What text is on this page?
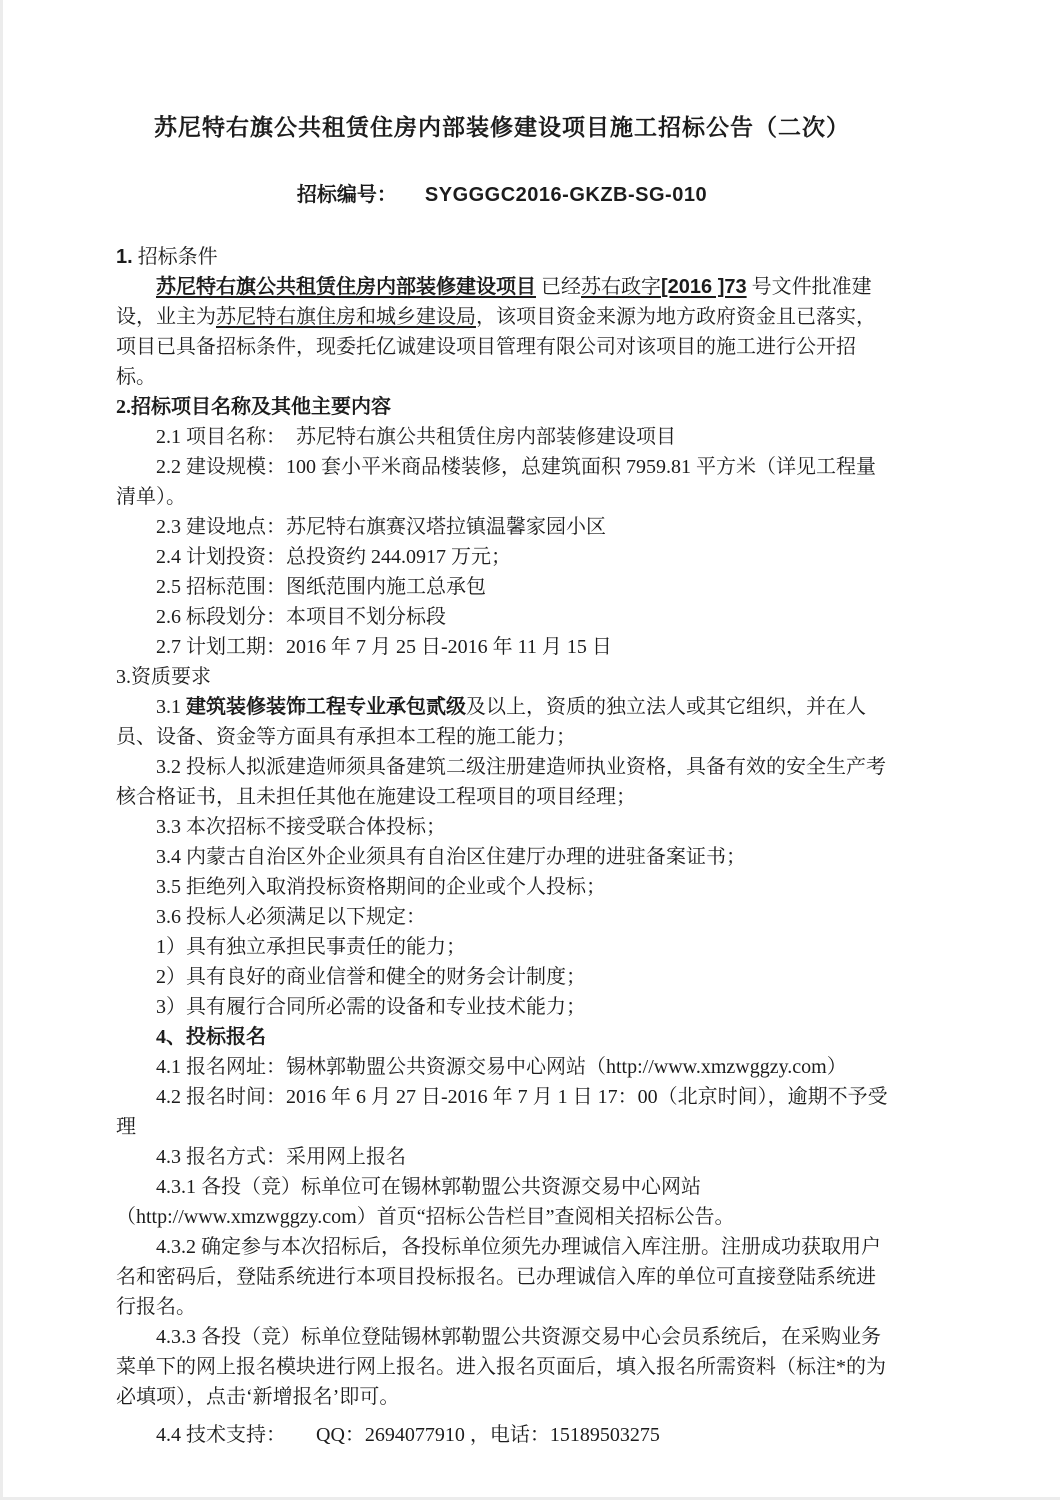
苏尼特右旗公共租赁住房内部装修建设项目施工招标公告（二次）
招标编号： SYGGGC2016-GKZB-SG-010

1. 招标条件

苏尼特右旗公共租赁住房内部装修建设项目 已经苏右政字[2016 ]73 号文件批准建设，业主为苏尼特右旗住房和城乡建设局，该项目资金来源为地方政府资金且已落实，项目已具备招标条件，现委托亿诚建设项目管理有限公司对该项目的施工进行公开招标。

2.招标项目名称及其他主要内容

2.1 项目名称：　苏尼特右旗公共租赁住房内部装修建设项目

2.2 建设规模：100 套小平米商品楼装修，总建筑面积 7959.81 平方米（详见工程量清单）。

2.3 建设地点：苏尼特右旗赛汉塔拉镇温馨家园小区

2.4 计划投资：总投资约 244.0917 万元；

2.5 招标范围：图纸范围内施工总承包

2.6 标段划分：本项目不划分标段

2.7 计划工期：2016 年 7 月 25 日-2016 年 11 月 15 日

3.资质要求

3.1 建筑装修装饰工程专业承包贰级及以上，资质的独立法人或其它组织，并在人员、设备、资金等方面具有承担本工程的施工能力；

3.2 投标人拟派建造师须具备建筑二级注册建造师执业资格，具备有效的安全生产考核合格证书，且未担任其他在施建设工程项目的项目经理；

3.3 本次招标不接受联合体投标；

3.4 内蒙古自治区外企业须具有自治区住建厅办理的进驻备案证书；

3.5 拒绝列入取消投标资格期间的企业或个人投标；

3.6 投标人必须满足以下规定：

1）具有独立承担民事责任的能力；

2）具有良好的商业信誉和健全的财务会计制度；

3）具有履行合同所必需的设备和专业技术能力；

4、投标报名

4.1 报名网址：锡林郭勒盟公共资源交易中心网站（http://www.xmzwggzy.com）

4.2 报名时间：2016 年 6 月 27 日-2016 年 7 月 1 日 17：00（北京时间），逾期不予受理

4.3 报名方式：采用网上报名

4.3.1 各投（竞）标单位可在锡林郭勒盟公共资源交易中心网站（http://www.xmzwggzy.com）首页“招标公告栏目”查阅相关招标公告。

4.3.2 确定参与本次招标后，各投标单位须先办理诚信入库注册。注册成功获取用户名和密码后，登陆系统进行本项目投标报名。已办理诚信入库的单位可直接登陆系统进行报名。

4.3.3 各投（竞）标单位登陆锡林郭勒盟公共资源交易中心会员系统后，在采购业务菜单下的网上报名模块进行网上报名。进入报名页面后，填入报名所需资料（标注*的为必填项），点击‘新增报名’即可。

4.4 技术支持：　　QQ：2694077910 ，电话：15189503275
